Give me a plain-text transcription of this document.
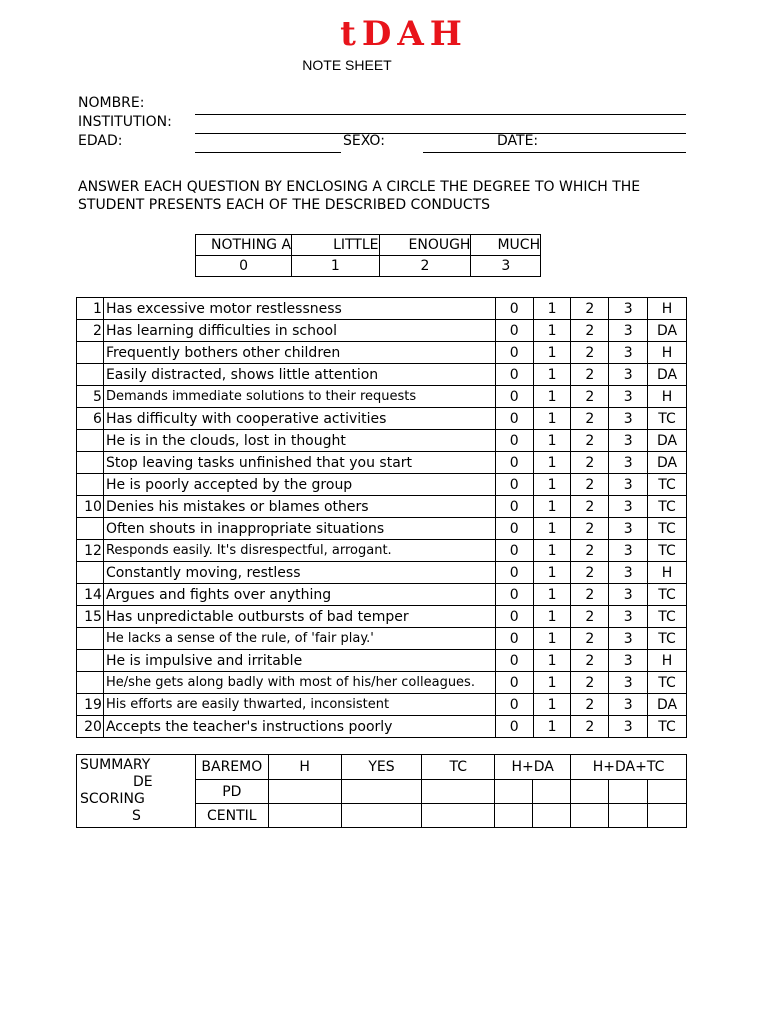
tDAH
NOTE SHEET
NOMBRE:
INSTITUTION:
EDAD:	SEXO:	DATE:
ANSWER EACH QUESTION BY ENCLOSING A CIRCLE THE DEGREE TO WHICH THE STUDENT PRESENTS EACH OF THE DESCRIBED CONDUCTS
NOTHING A	LITTLE	ENOUGH	MUCH
0	1	2	3
1	Has excessive motor restlessness	0	1	2	3	H
2	Has learning difficulties in school	0	1	2	3	DA
	Frequently bothers other children	0	1	2	3	H
	Easily distracted, shows little attention	0	1	2	3	DA
5	Demands immediate solutions to their requests	0	1	2	3	H
6	Has difficulty with cooperative activities	0	1	2	3	TC
	He is in the clouds, lost in thought	0	1	2	3	DA
	Stop leaving tasks unfinished that you start	0	1	2	3	DA
	He is poorly accepted by the group	0	1	2	3	TC
10	Denies his mistakes or blames others	0	1	2	3	TC
	Often shouts in inappropriate situations	0	1	2	3	TC
12	Responds easily. It's disrespectful, arrogant.	0	1	2	3	TC
	Constantly moving, restless	0	1	2	3	H
14	Argues and fights over anything	0	1	2	3	TC
15	Has unpredictable outbursts of bad temper	0	1	2	3	TC
	He lacks a sense of the rule, of 'fair play.'	0	1	2	3	TC
	He is impulsive and irritable	0	1	2	3	H
	He/she gets along badly with most of his/her colleagues.	0	1	2	3	TC
19	His efforts are easily thwarted, inconsistent	0	1	2	3	DA
20	Accepts the teacher's instructions poorly	0	1	2	3	TC
SUMMARY
DE
SCORING
S	BAREMO	H	YES	TC	H+DA		H+DA+TC		
	PD								
	CENTIL								
